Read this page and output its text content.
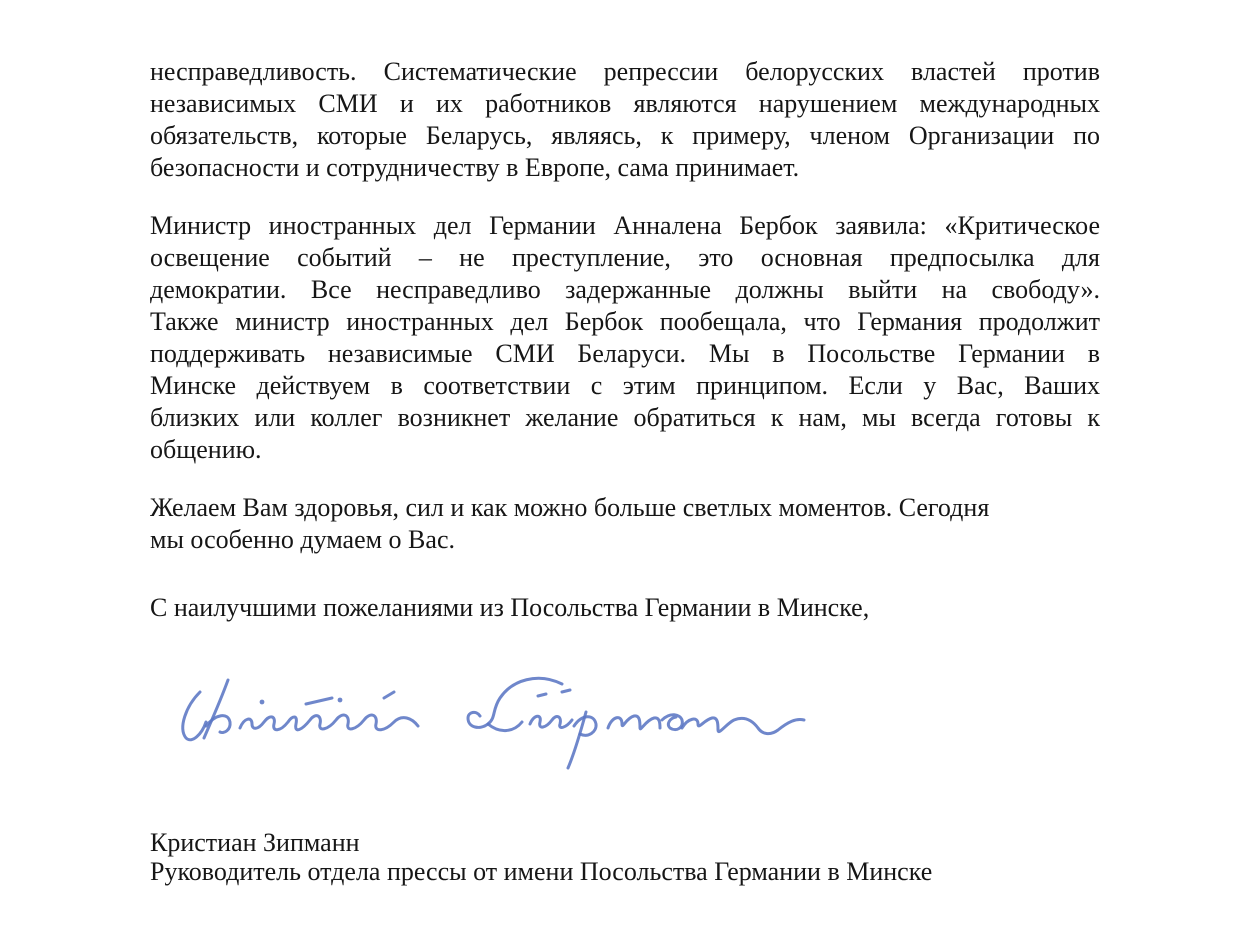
несправедливость. Систематические репрессии белорусских властей против
независимых СМИ и их работников являются нарушением международных
обязательств, которые Беларусь, являясь, к примеру, членом Организации по
безопасности и сотрудничеству в Европе, сама принимает.
Министр иностранных дел Германии Анналена Бербок заявила: «Критическое
освещение событий – не преступление, это основная предпосылка для
демократии. Все несправедливо задержанные должны выйти на свободу».
Также министр иностранных дел Бербок пообещала, что Германия продолжит
поддерживать независимые СМИ Беларуси. Мы в Посольстве Германии в
Минске действуем в соответствии с этим принципом. Если у Вас, Ваших
близких или коллег возникнет желание обратиться к нам, мы всегда готовы к
общению.
Желаем Вам здоровья, сил и как можно больше светлых моментов. Сегодня
мы особенно думаем о Вас.
С наилучшими пожеланиями из Посольства Германии в Минске,
Кристиан Зипманн
Руководитель отдела прессы от имени Посольства Германии в Минске
